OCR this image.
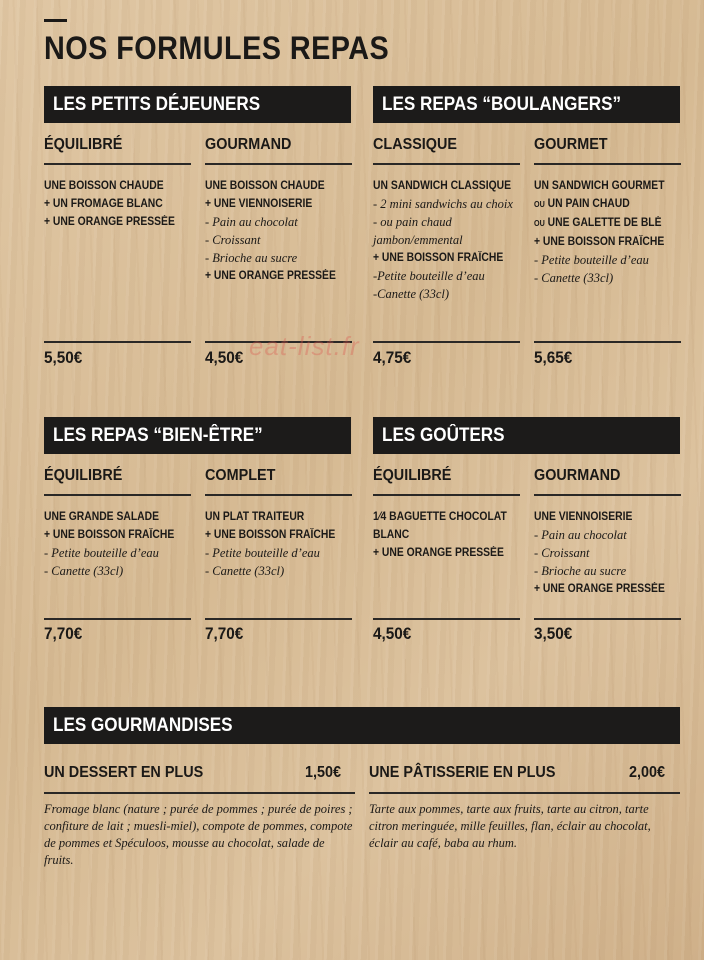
NOS FORMULES REPAS
LES PETITS DÉJEUNERS
ÉQUILIBRÉ
UNE BOISSON CHAUDE
+ UN FROMAGE BLANC
+ UNE ORANGE PRESSÉE
5,50€
GOURMAND
UNE BOISSON CHAUDE
+ UNE VIENNOISERIE
- Pain au chocolat
- Croissant
- Brioche au sucre
+ UNE ORANGE PRESSÉE
4,50€
LES REPAS “BOULANGERS”
CLASSIQUE
UN SANDWICH CLASSIQUE
- 2 mini sandwichs au choix
- ou pain chaud jambon/emmental
+ UNE BOISSON FRAÎCHE
-Petite bouteille d’eau
-Canette (33cl)
4,75€
GOURMET
UN SANDWICH GOURMET
OU UN PAIN CHAUD
OU UNE GALETTE DE BLÉ
+ UNE BOISSON FRAÎCHE
- Petite bouteille d’eau
- Canette (33cl)
5,65€
LES REPAS “BIEN-ÊTRE”
ÉQUILIBRÉ
UNE GRANDE SALADE
+ UNE BOISSON FRAÎCHE
- Petite bouteille d’eau
- Canette (33cl)
7,70€
COMPLET
UN PLAT TRAITEUR
+ UNE BOISSON FRAÎCHE
- Petite bouteille d’eau
- Canette (33cl)
7,70€
LES GOÛTERS
ÉQUILIBRÉ
1⁄4 BAGUETTE CHOCOLAT
BLANC
+ UNE ORANGE PRESSÉE
4,50€
GOURMAND
UNE VIENNOISERIE
- Pain au chocolat
- Croissant
- Brioche au sucre
+ UNE ORANGE PRESSÉE
3,50€
LES GOURMANDISES
UN DESSERT EN PLUS	1,50€
Fromage blanc (nature ; purée de pommes ; purée de poires ; confiture de lait ; muesli-miel), compote de pommes, compote de pommes et Spéculoos, mousse au chocolat, salade de fruits.
UNE PÂTISSERIE EN PLUS	2,00€
Tarte aux pommes, tarte aux fruits, tarte au citron, tarte citron meringuée, mille feuilles, flan, éclair au chocolat, éclair au café, baba au rhum.
eat-list.fr
